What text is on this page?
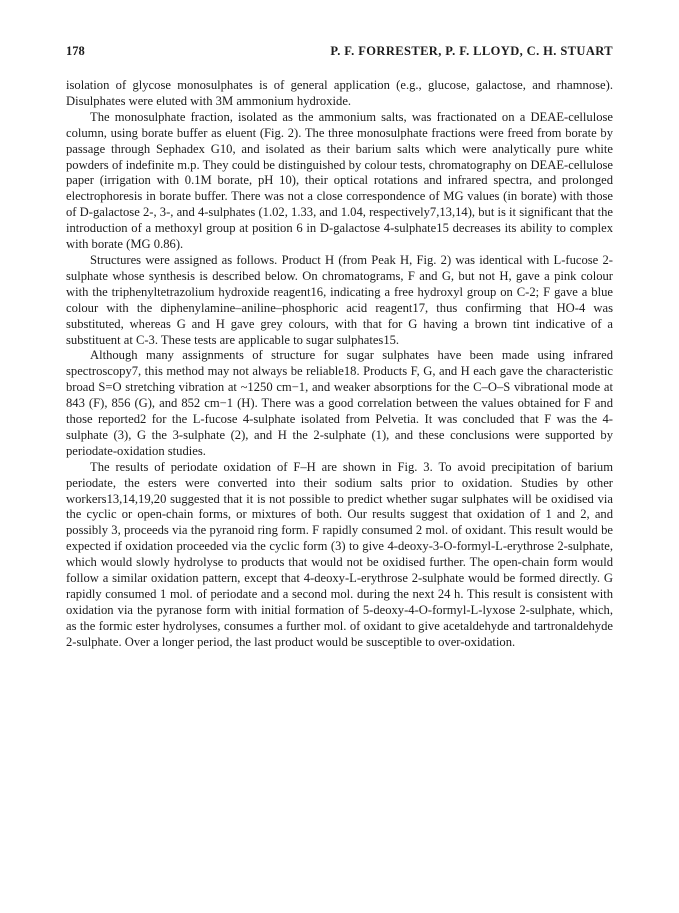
178	P. F. FORRESTER, P. F. LLOYD, C. H. STUART

isolation of glycose monosulphates is of general application (e.g., glucose, galactose, and rhamnose). Disulphates were eluted with 3M ammonium hydroxide.

The monosulphate fraction, isolated as the ammonium salts, was fractionated on a DEAE-cellulose column, using borate buffer as eluent (Fig. 2). The three monosulphate fractions were freed from borate by passage through Sephadex G10, and isolated as their barium salts which were analytically pure white powders of indefinite m.p. They could be distinguished by colour tests, chromatography on DEAE-cellulose paper (irrigation with 0.1M borate, pH 10), their optical rotations and infrared spectra, and prolonged electrophoresis in borate buffer. There was not a close correspondence of MG values (in borate) with those of D-galactose 2-, 3-, and 4-sulphates (1.02, 1.33, and 1.04, respectively7,13,14), but is it significant that the introduction of a methoxyl group at position 6 in D-galactose 4-sulphate15 decreases its ability to complex with borate (MG 0.86).

Structures were assigned as follows. Product H (from Peak H, Fig. 2) was identical with L-fucose 2-sulphate whose synthesis is described below. On chromatograms, F and G, but not H, gave a pink colour with the triphenyltetrazolium hydroxide reagent16, indicating a free hydroxyl group on C-2; F gave a blue colour with the diphenylamine–aniline–phosphoric acid reagent17, thus confirming that HO-4 was substituted, whereas G and H gave grey colours, with that for G having a brown tint indicative of a substituent at C-3. These tests are applicable to sugar sulphates15.

Although many assignments of structure for sugar sulphates have been made using infrared spectroscopy7, this method may not always be reliable18. Products F, G, and H each gave the characteristic broad S=O stretching vibration at ~1250 cm−1, and weaker absorptions for the C–O–S vibrational mode at 843 (F), 856 (G), and 852 cm−1 (H). There was a good correlation between the values obtained for F and those reported2 for the L-fucose 4-sulphate isolated from Pelvetia. It was concluded that F was the 4-sulphate (3), G the 3-sulphate (2), and H the 2-sulphate (1), and these conclusions were supported by periodate-oxidation studies.

The results of periodate oxidation of F–H are shown in Fig. 3. To avoid precipitation of barium periodate, the esters were converted into their sodium salts prior to oxidation. Studies by other workers13,14,19,20 suggested that it is not possible to predict whether sugar sulphates will be oxidised via the cyclic or open-chain forms, or mixtures of both. Our results suggest that oxidation of 1 and 2, and possibly 3, proceeds via the pyranoid ring form. F rapidly consumed 2 mol. of oxidant. This result would be expected if oxidation proceeded via the cyclic form (3) to give 4-deoxy-3-O-formyl-L-erythrose 2-sulphate, which would slowly hydrolyse to products that would not be oxidised further. The open-chain form would follow a similar oxidation pattern, except that 4-deoxy-L-erythrose 2-sulphate would be formed directly. G rapidly consumed 1 mol. of periodate and a second mol. during the next 24 h. This result is consistent with oxidation via the pyranose form with initial formation of 5-deoxy-4-O-formyl-L-lyxose 2-sulphate, which, as the formic ester hydrolyses, consumes a further mol. of oxidant to give acetaldehyde and tartronaldehyde 2-sulphate. Over a longer period, the last product would be susceptible to over-oxidation.
